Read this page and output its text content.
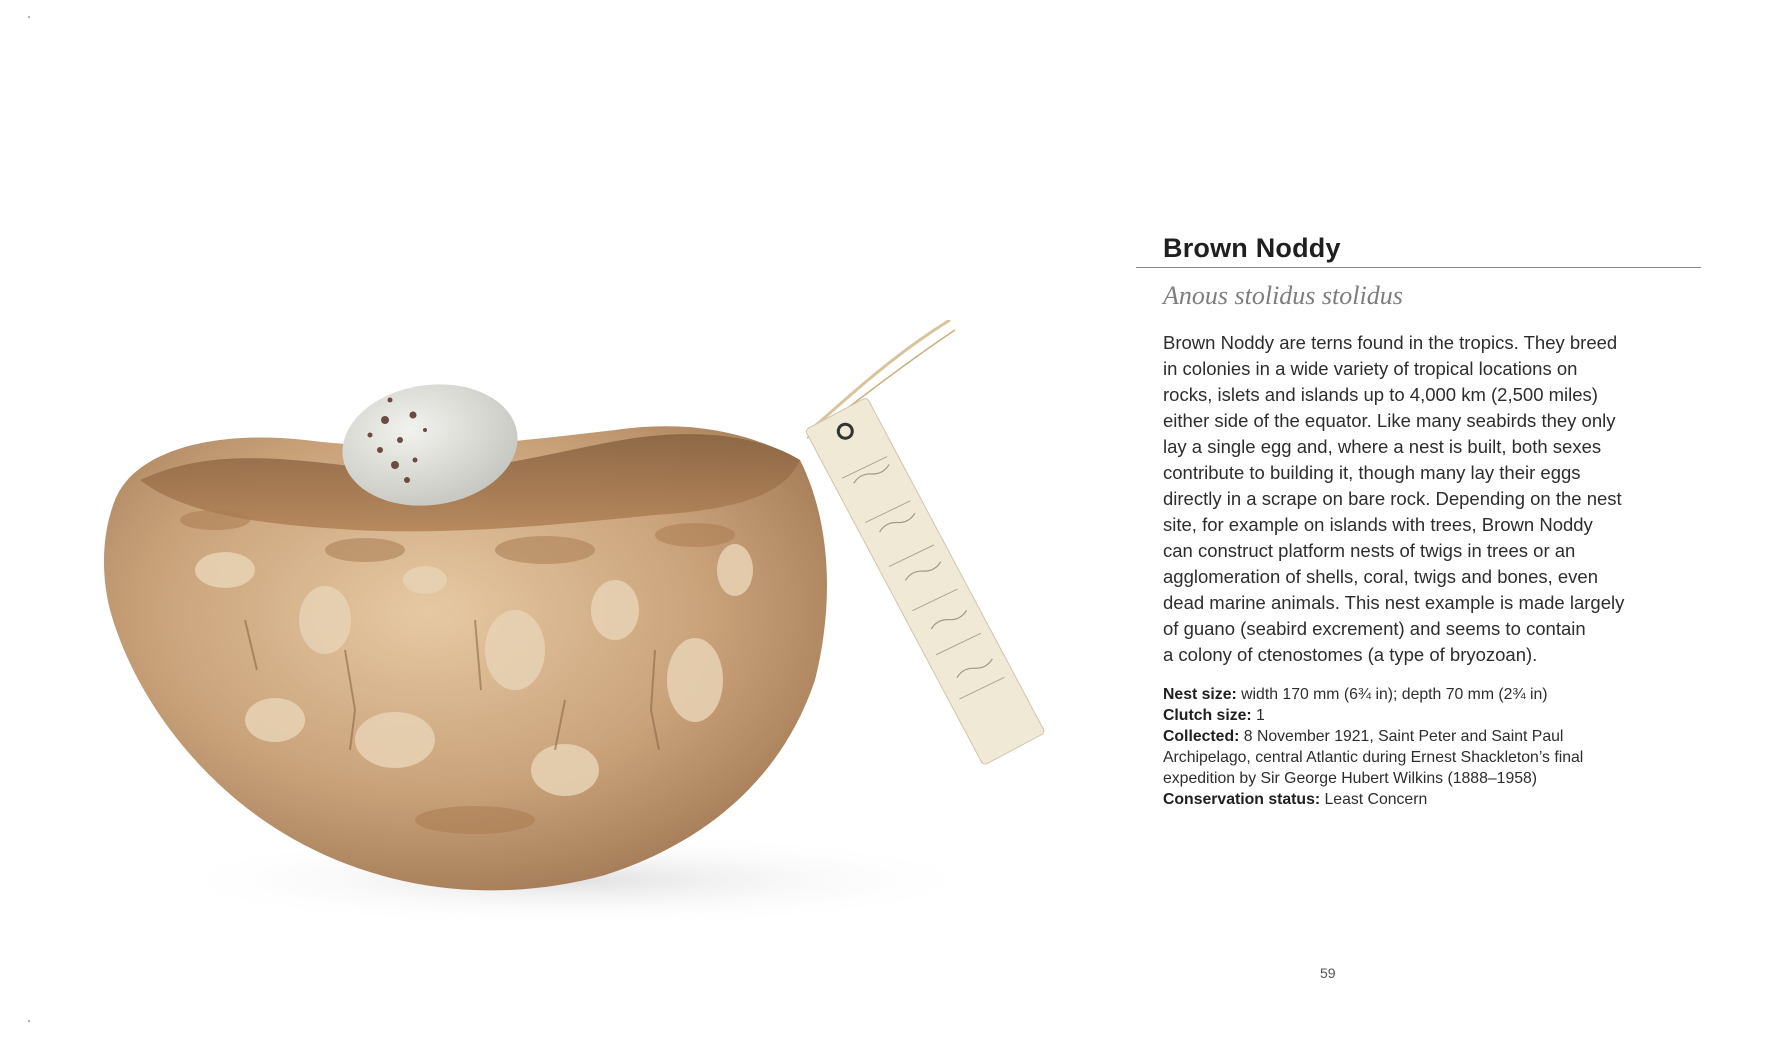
Brown Noddy
Anous stolidus stolidus
Brown Noddy are terns found in the tropics. They breed
in colonies in a wide variety of tropical locations on
rocks, islets and islands up to 4,000 km (2,500 miles)
either side of the equator. Like many seabirds they only
lay a single egg and, where a nest is built, both sexes
contribute to building it, though many lay their eggs
directly in a scrape on bare rock. Depending on the nest
site, for example on islands with trees, Brown Noddy
can construct platform nests of twigs in trees or an
agglomeration of shells, coral, twigs and bones, even
dead marine animals. This nest example is made largely
of guano (seabird excrement) and seems to contain
a colony of ctenostomes (a type of bryozoan).
Nest size: width 170 mm (6¾ in); depth 70 mm (2¾ in)
Clutch size: 1
Collected: 8 November 1921, Saint Peter and Saint Paul
Archipelago, central Atlantic during Ernest Shackleton’s final
expedition by Sir George Hubert Wilkins (1888–1958)
Conservation status: Least Concern
59
